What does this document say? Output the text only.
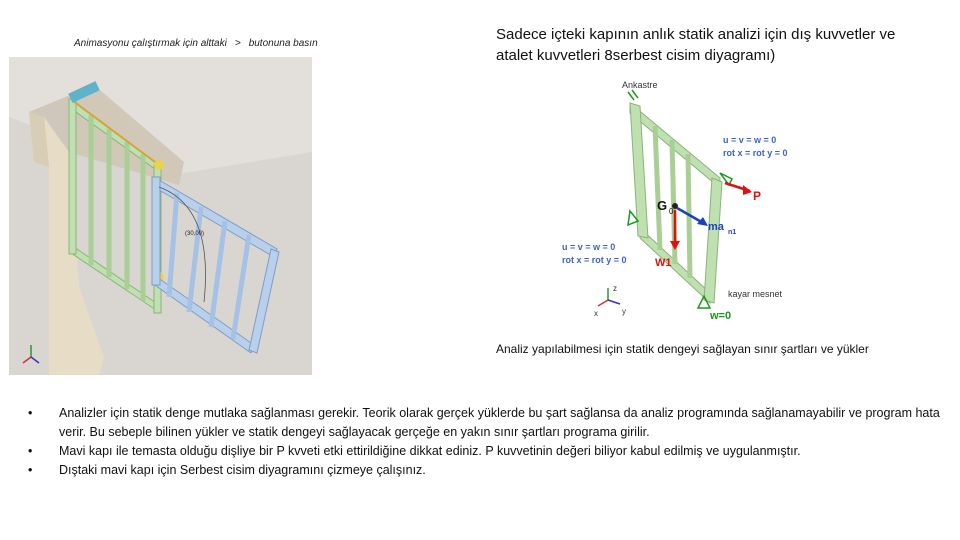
Animasyonu çalıştırmak için alttaki > butonuna basın
Sadece içteki kapının anlık statik analizi için dış kuvvetler ve atalet kuvvetleri 8serbest cisim diyagramı)
(30,00)
Ankastre
u = v = w = 0
rot x = rot y = 0
P
G 0
ma n1
W1
u = v = w = 0
rot x = rot y = 0
kayar mesnet
w=0
z
x	y
Analiz yapılabilmesi için statik dengeyi sağlayan sınır şartları ve yükler
• Analizler için statik denge mutlaka sağlanması gerekir. Teorik olarak gerçek yüklerde bu şart sağlansa da analiz programında sağlanamayabilir ve program hata verir. Bu sebeple bilinen yükler ve statik dengeyi sağlayacak gerçeğe en yakın sınır şartları programa girilir.
• Mavi kapı ile temasta olduğu dişliye bir P kvveti etki ettirildiğine dikkat ediniz. P kuvvetinin değeri biliyor kabul edilmiş ve uygulanmıştır.
• Dıştaki mavi kapı için Serbest cisim diyagramını çizmeye çalışınız.
